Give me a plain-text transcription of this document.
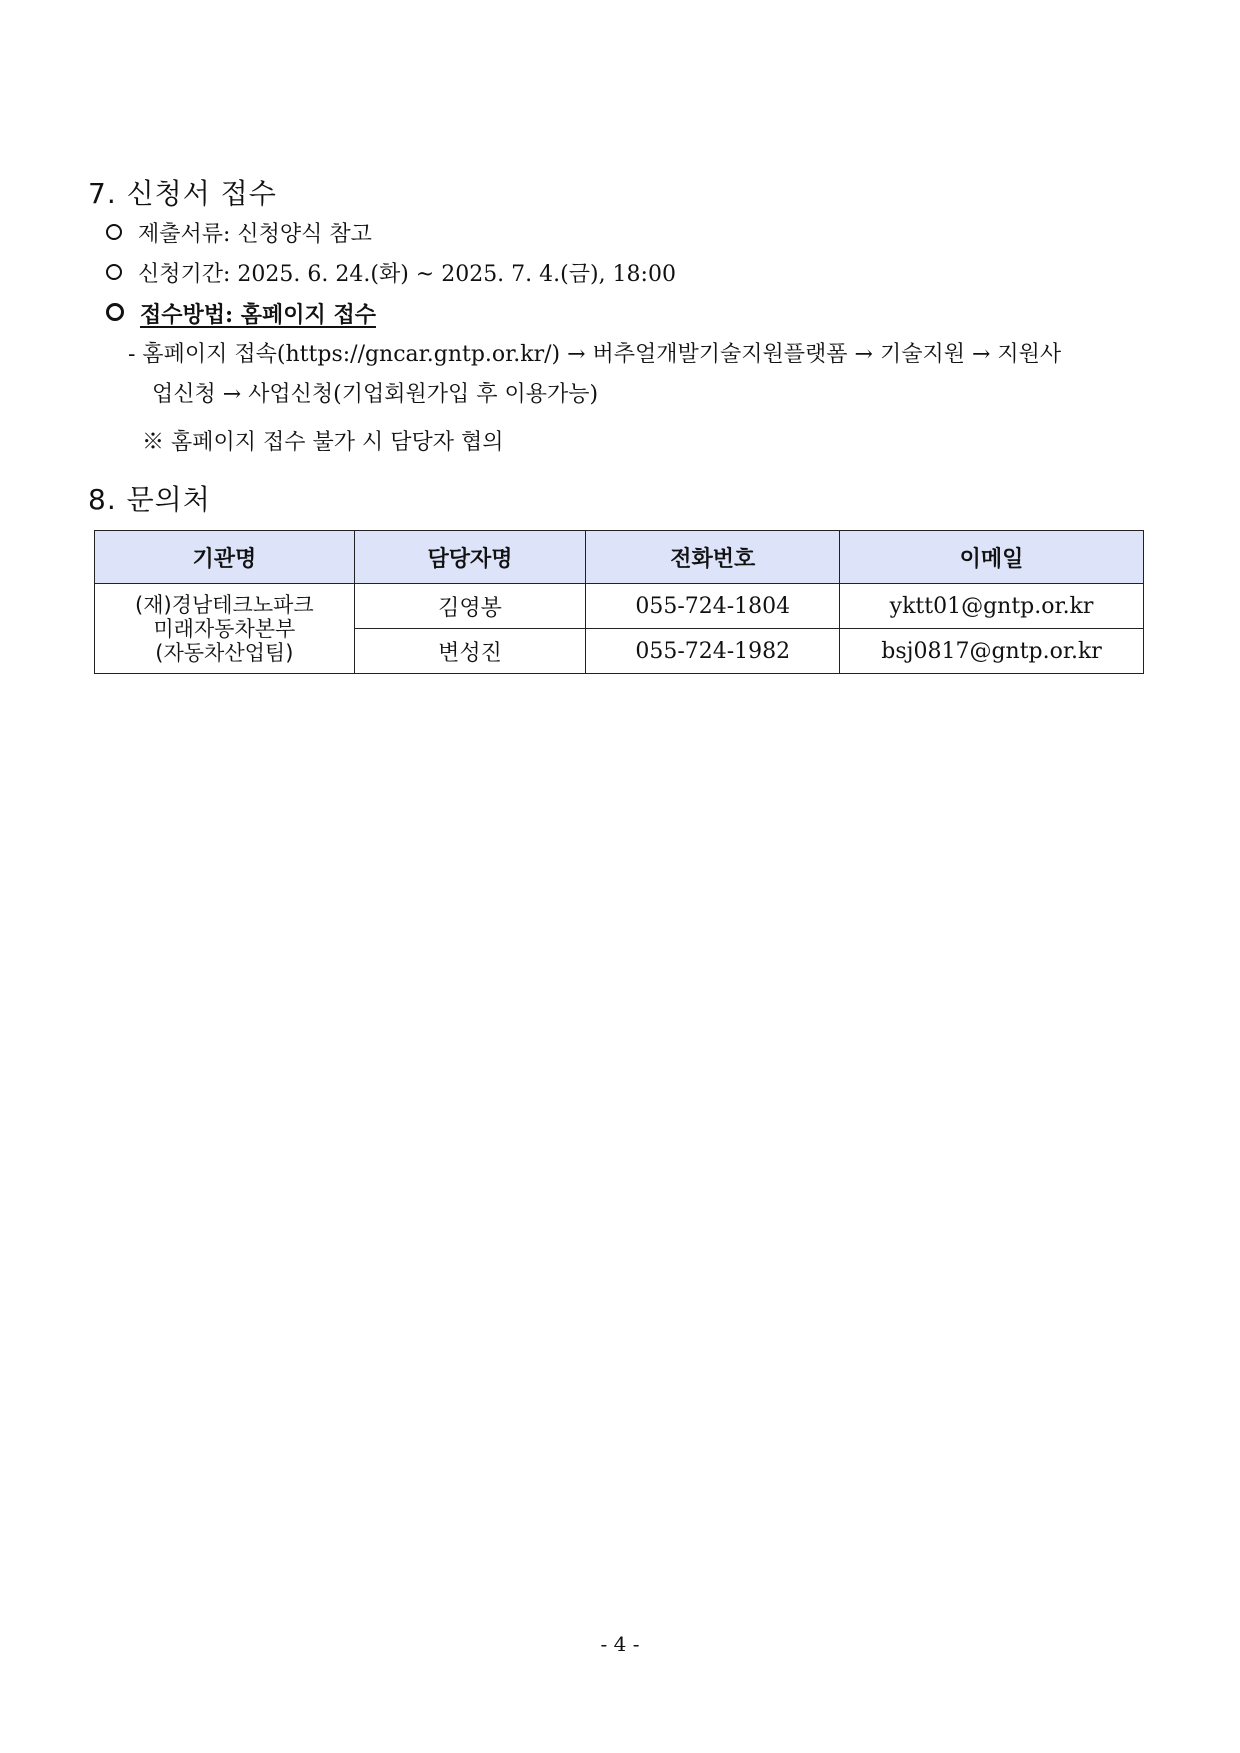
7. 신청서 접수
제출서류: 신청양식 참고
신청기간: 2025. 6. 24.(화) ~ 2025. 7. 4.(금), 18:00
접수방법: 홈페이지 접수
- 홈페이지 접속(https://gncar.gntp.or.kr/) → 버추얼개발기술지원플랫폼 → 기술지원 → 지원사
업신청 → 사업신청(기업회원가입 후 이용가능)
※ 홈페이지 접수 불가 시 담당자 협의
8. 문의처
기관명	담당자명	전화번호	이메일

(재)경남테크노파크
미래자동차본부
(자동차산업팀)	김영봉	055-724-1804	yktt01@gntp.or.kr
	변성진	055-724-1982	bsj0817@gntp.or.kr
- 4 -
